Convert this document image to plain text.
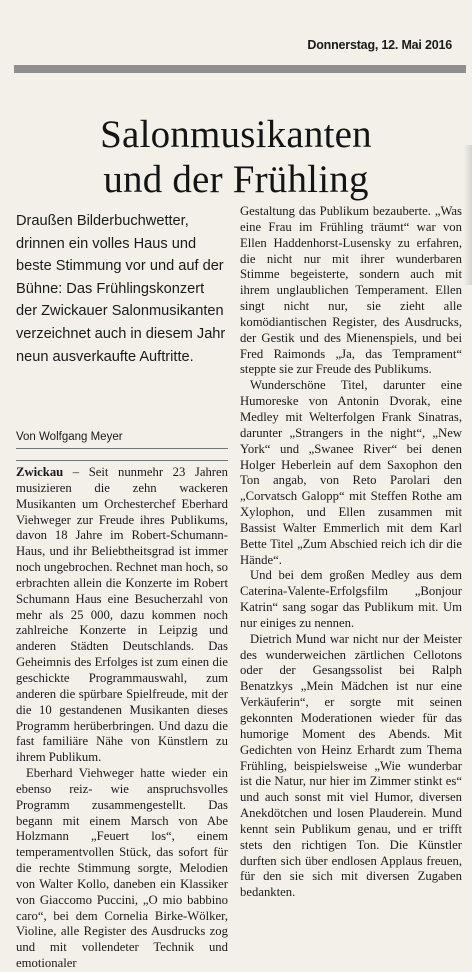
Donnerstag, 12. Mai 2016
Salonmusikanten
und der Frühling
Draußen Bilderbuchwetter, drinnen ein volles Haus und beste Stimmung vor und auf der Bühne: Das Frühlingskonzert der Zwickauer Salonmusikanten verzeichnet auch in diesem Jahr neun ausverkaufte Auftritte.
Von Wolfgang Meyer

Zwickau – Seit nunmehr 23 Jahren musizieren die zehn wackeren Musikanten um Orchesterchef Eberhard Viehweger zur Freude ihres Publikums, davon 18 Jahre im Robert-Schumann-Haus, und ihr Beliebtheitsgrad ist immer noch ungebrochen. Rechnet man hoch, so erbrachten allein die Konzerte im Robert Schumann Haus eine Besucherzahl von mehr als 25 000, dazu kommen noch zahlreiche Konzerte in Leipzig und anderen Städten Deutschlands. Das Geheimnis des Erfolges ist zum einen die geschickte Programmauswahl, zum anderen die spürbare Spielfreude, mit der die 10 gestandenen Musikanten dieses Programm herüberbringen. Und dazu die fast familiäre Nähe von Künstlern zu ihrem Publikum.

Eberhard Viehweger hatte wieder ein ebenso reiz- wie anspruchsvolles Programm zusammengestellt. Das begann mit einem Marsch von Abe Holzmann „Feuert los“, einem temperamentvollen Stück, das sofort für die rechte Stimmung sorgte, Melodien von Walter Kollo, daneben ein Klassiker von Giaccomo Puccini, „O mio babbino caro“, bei dem Cornelia Birke-Wölker, Violine, alle Register des Ausdrucks zog und mit vollendeter Technik und emotionaler

Gestaltung das Publikum bezauberte. „Was eine Frau im Frühling träumt“ war von Ellen Haddenhorst-Lusensky zu erfahren, die nicht nur mit ihrer wunderbaren Stimme begeisterte, sondern auch mit ihrem unglaublichen Temperament. Ellen singt nicht nur, sie zieht alle komödiantischen Register, des Ausdrucks, der Gestik und des Mienenspiels, und bei Fred Raimonds „Ja, das Temprament“ steppte sie zur Freude des Publikums.

Wunderschöne Titel, darunter eine Humoreske von Antonin Dvorak, eine Medley mit Welterfolgen Frank Sinatras, darunter „Strangers in the night“, „New York“ und „Swanee River“ bei denen Holger Heberlein auf dem Saxophon den Ton angab, von Reto Parolari den „Corvatsch Galopp“ mit Steffen Rothe am Xylophon, und Ellen zusammen mit Bassist Walter Emmerlich mit dem Karl Bette Titel „Zum Abschied reich ich dir die Hände“.

Und bei dem großen Medley aus dem Caterina-Valente-Erfolgsfilm „Bonjour Katrin“ sang sogar das Publikum mit. Um nur einiges zu nennen.

Dietrich Mund war nicht nur der Meister des wunderweichen zärtlichen Cellotons oder der Gesangssolist bei Ralph Benatzkys „Mein Mädchen ist nur eine Verkäuferin“, er sorgte mit seinen gekonnten Moderationen wieder für das humorige Moment des Abends. Mit Gedichten von Heinz Erhardt zum Thema Frühling, beispielsweise „Wie wunderbar ist die Natur, nur hier im Zimmer stinkt es“ und auch sonst mit viel Humor, diversen Anekdötchen und losen Plauderein. Mund kennt sein Publikum genau, und er trifft stets den richtigen Ton. Die Künstler durften sich über endlosen Applaus freuen, für den sie sich mit diversen Zugaben bedankten.
